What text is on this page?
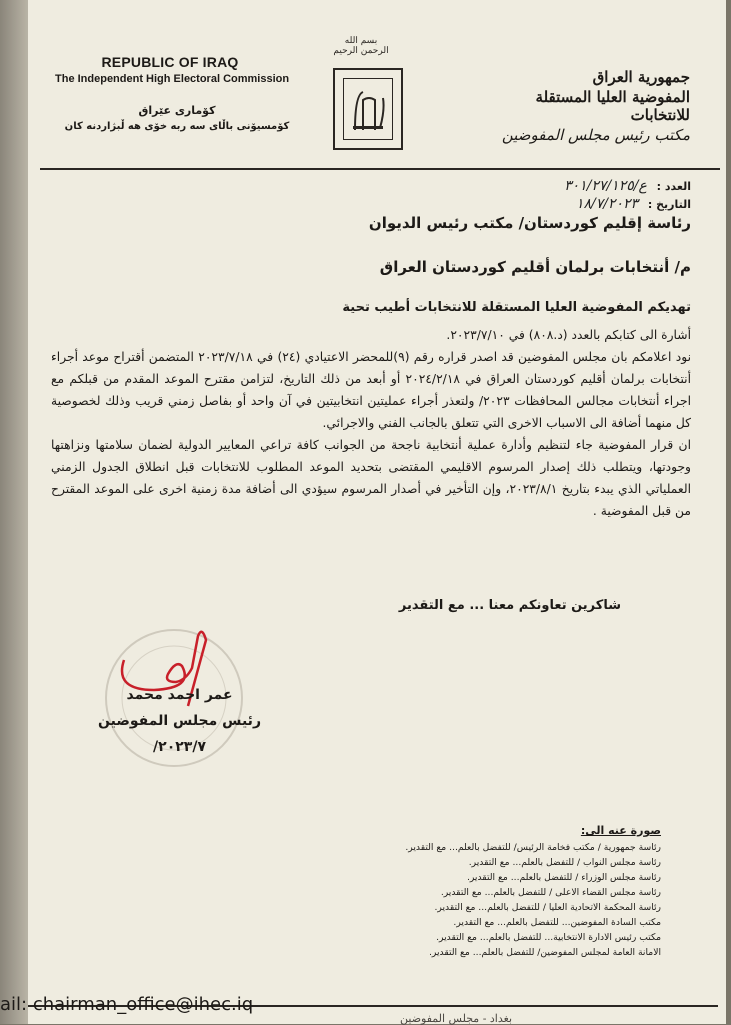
REPUBLIC OF IRAQ
The Independent High Electoral Commission
كۆماری عێراق
كۆمسیۆنی باڵای سه ربه خۆی هه ڵبژاردنه كان
بسم الله الرحمن الرحيم
جمهورية العراق
المفوضية العليا المستقلة للانتخابات
مكتب رئيس مجلس المفوضين
العدد : ع/٣٠١/٢٧/١٢٥
التاريخ : ١٨/٧/٢٠٢٣
رئاسة إقليم كوردستان/ مكتب رئيس الديوان
م/ أنتخابات برلمان أقليم كوردستان العراق
تهديكم المفوضية العليا المستقلة للانتخابات أطيب تحية

أشارة الى كتابكم بالعدد (د.٨٠٨) في ٢٠٢٣/٧/١٠.

نود اعلامكم بان مجلس المفوضين قد اصدر قراره رقم (٩)للمحضر الاعتيادي (٢٤) في ٢٠٢٣/٧/١٨ المتضمن أقتراح موعد أجراء أنتخابات برلمان أقليم كوردستان العراق في ٢٠٢٤/٢/١٨ أو أبعد من ذلك التاريخ، لتزامن مقترح الموعد المقدم من قبلكم مع اجراء أنتخابات مجالس المحافظات ٢٠٢٣/ ولتعذر أجراء عمليتين انتخابيتين في آن واحد أو بفاصل زمني قريب وذلك لخصوصية كل منهما أضافة الى الاسباب الاخرى التي تتعلق بالجانب الفني والاجرائي.

ان قرار المفوضية جاء لتنظيم وأدارة عملية أنتخابية ناجحة من الجوانب كافة تراعي المعايير الدولية لضمان سلامتها ونزاهتها وجودتها، ويتطلب ذلك إصدار المرسوم الاقليمي المقتضى بتحديد الموعد المطلوب للانتخابات قبل انطلاق الجدول الزمني العملياتي الذي يبدء بتاريخ ٢٠٢٣/٨/١، وإن التأخير في أصدار المرسوم سيؤدي الى أضافة مدة زمنية اخرى على الموعد المقترح من قبل المفوضية .

شاكرين تعاونكم معنا ... مع التقدير
عمر احمد محمد
رئيس مجلس المفوضين
٢٠٢٣/٧/
صورة عنه الى:
رئاسة جمهورية / مكتب فخامة الرئيس/ للتفضل بالعلم... مع التقدير.
رئاسة مجلس النواب / للتفضل بالعلم... مع التقدير.
رئاسة مجلس الوزراء / للتفضل بالعلم... مع التقدير.
رئاسة مجلس القضاء الاعلى / للتفضل بالعلم... مع التقدير.
رئاسة المحكمة الاتحادية العليا / للتفضل بالعلم... مع التقدير.
مكتب السادة المفوضين... للتفضل بالعلم... مع التقدير.
مكتب رئيس الادارة الانتخابية... للتفضل بالعلم... مع التقدير.
الامانة العامة لمجلس المفوضين/ للتفضل بالعلم... مع التقدير.
ail: chairman_office@ihec.iq
بغداد - مجلس المفوضين
